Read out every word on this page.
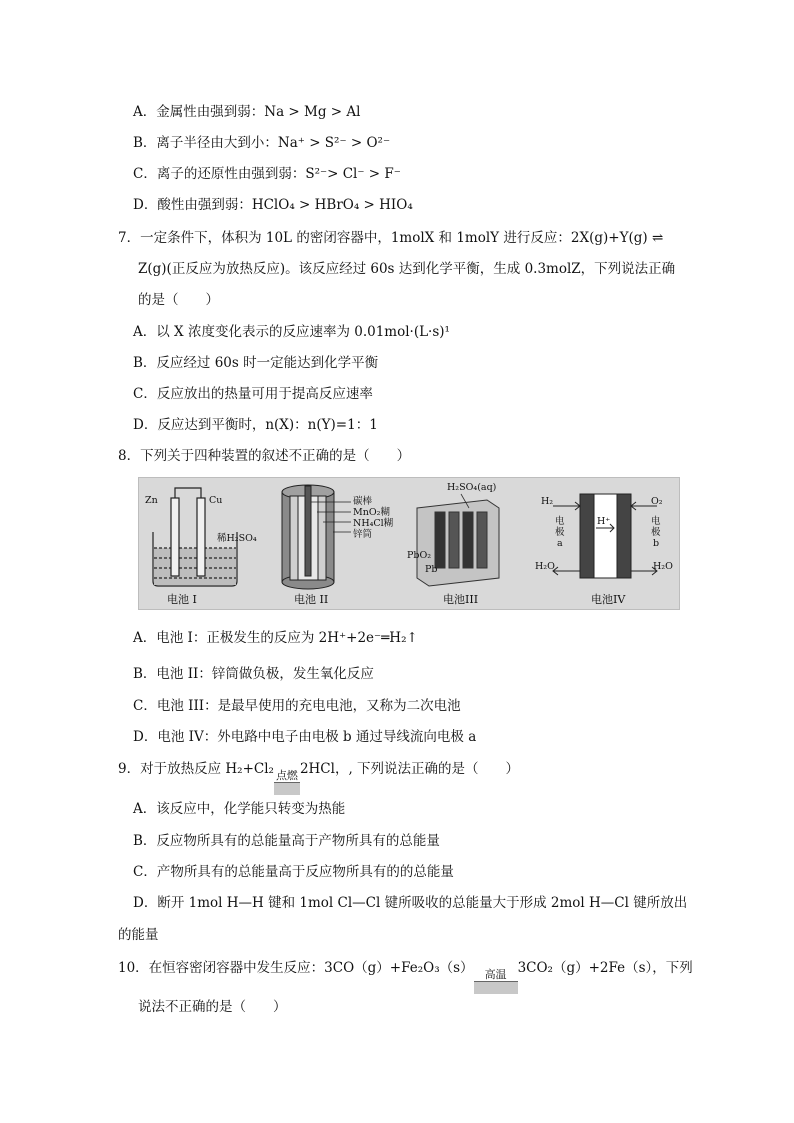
A．金属性由强到弱：Na > Mg > Al
B．离子半径由大到小：Na⁺ > S²⁻ > O²⁻
C．离子的还原性由强到弱：S²⁻> Cl⁻ > F⁻
D．酸性由强到弱：HClO₄ > HBrO₄ > HIO₄
7．一定条件下，体积为 10L 的密闭容器中，1molX 和 1molY 进行反应：2X(g)+Y(g) ⇌
Z(g)(正反应为放热反应)。该反应经过 60s 达到化学平衡，生成 0.3molZ，下列说法正确
的是（　　）
A．以 X 浓度变化表示的反应速率为 0.01mol·(L·s)¹
B．反应经过 60s 时一定能达到化学平衡
C．反应放出的热量可用于提高反应速率
D．反应达到平衡时，n(X)：n(Y)=1：1
8．下列关于四种装置的叙述不正确的是（　　）
Zn	Cu
稀H₂SO₄
电池 I
碳棒
MnO₂糊
NH₄Cl糊
锌筒
电池 II
H₂SO₄(aq)
PbO₂
Pb
电池III
H₂	O₂
H⁺
H₂O	H₂O
电
极
a
电
极
b
电池IV
A．电池 I：正极发生的反应为 2H⁺+2e⁻═H₂↑
B．电池 II：锌筒做负极，发生氧化反应
C．电池 III：是最早使用的充电电池，又称为二次电池
D．电池 IV：外电路中电子由电极 b 通过导线流向电极 a
9．对于放热反应 H₂+Cl₂ 点燃 2HCl，, 下列说法正确的是（　　）
A．该反应中，化学能只转变为热能
B．反应物所具有的总能量高于产物所具有的总能量
C．产物所具有的总能量高于反应物所具有的的总能量
D．断开 1mol H—H 键和 1mol Cl—Cl 键所吸收的总能量大于形成 2mol H—Cl 键所放出
的能量
10．在恒容密闭容器中发生反应：3CO（g）+Fe₂O₃（s）	高温 3CO₂（g）+2Fe（s），下列
说法不正确的是（　　）
